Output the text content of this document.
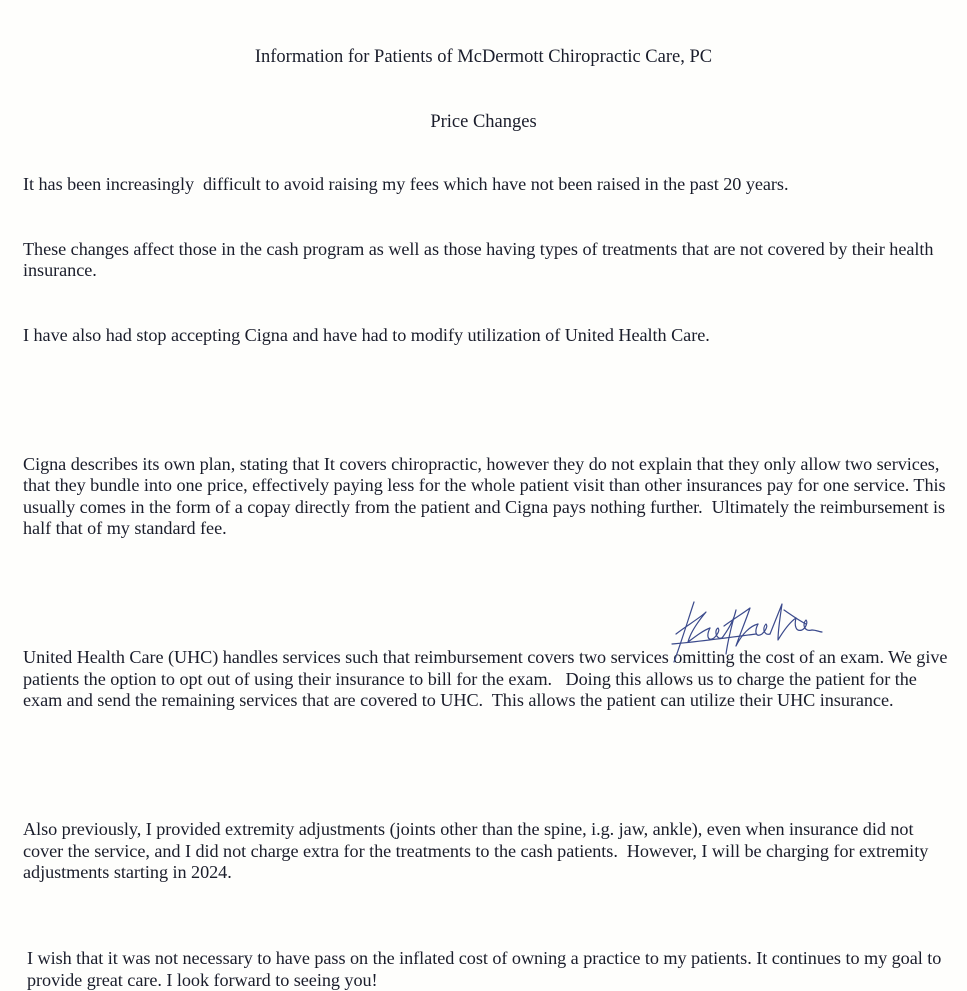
Information for Patients of McDermott Chiropractic Care, PC
Price Changes

It has been increasingly  difficult to avoid raising my fees which have not been raised in the past 20 years.

These changes affect those in the cash program as well as those having types of treatments that are not covered by their health insurance.

I have also had stop accepting Cigna and have had to modify utilization of United Health Care.

Cigna describes its own plan, stating that It covers chiropractic, however they do not explain that they only allow two services, that they bundle into one price, effectively paying less for the whole patient visit than other insurances pay for one service. This usually comes in the form of a copay directly from the patient and Cigna pays nothing further.  Ultimately the reimbursement is half that of my standard fee.

United Health Care (UHC) handles services such that reimbursement covers two services omitting the cost of an exam. We give patients the option to opt out of using their insurance to bill for the exam.   Doing this allows us to charge the patient for the exam and send the remaining services that are covered to UHC.  This allows the patient can utilize their UHC insurance.

Also previously, I provided extremity adjustments (joints other than the spine, i.g. jaw, ankle), even when insurance did not cover the service, and I did not charge extra for the treatments to the cash patients.  However, I will be charging for extremity adjustments starting in 2024.

I wish that it was not necessary to have pass on the inflated cost of owning a practice to my patients. It continues to my goal to provide great care. I look forward to seeing you!
